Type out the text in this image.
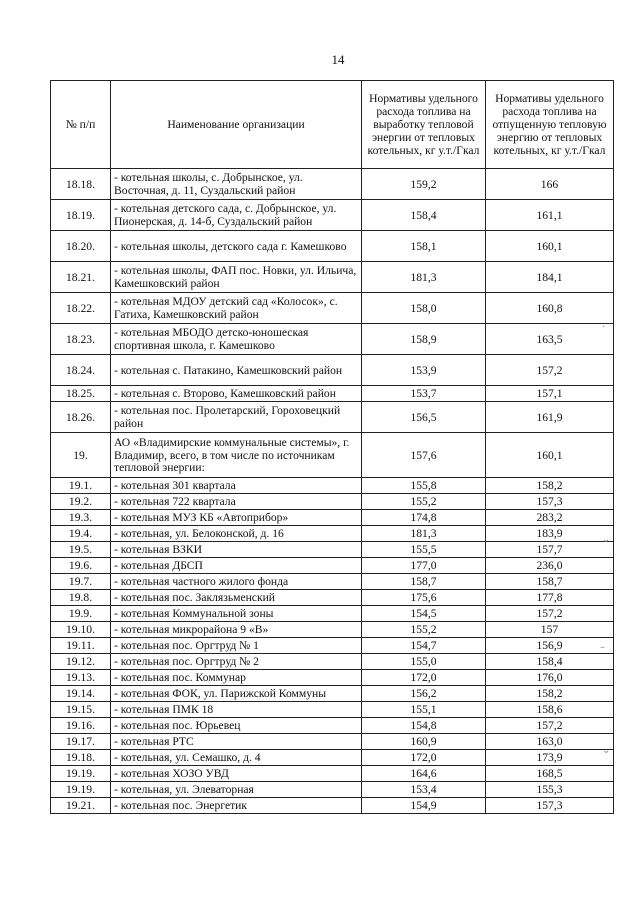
14
№ п/п	Наименование организации	Нормативы удельного расхода топлива на выработку тепловой энергии от тепловых котельных, кг у.т./Гкал	Нормативы удельного расхода топлива на отпущенную тепловую энергию от тепловых котельных, кг у.т./Гкал
18.18.	- котельная школы, с. Добрынское, ул. Восточная, д. 11, Суздальский район	159,2	166
18.19.	- котельная детского сада, с. Добрынское, ул. Пионерская, д. 14-б, Суздальский район	158,4	161,1
18.20.	- котельная школы, детского сада г. Камешково	158,1	160,1
18.21.	- котельная школы, ФАП пос. Новки, ул. Ильича, Камешковский район	181,3	184,1
18.22.	- котельная МДОУ детский сад «Колосок», с. Гатиха, Камешковский район	158,0	160,8
18.23.	- котельная МБОДО детско-юношеская спортивная школа, г. Камешково	158,9	163,5
18.24.	- котельная с. Патакино, Камешковский район	153,9	157,2
18.25.	- котельная с. Второво, Камешковский район	153,7	157,1
18.26.	- котельная пос. Пролетарский, Гороховецкий район	156,5	161,9
19.	АО «Владимирские коммунальные системы», г. Владимир, всего, в том числе по источникам тепловой энергии:	157,6	160,1
19.1.	- котельная 301 квартала	155,8	158,2
19.2.	- котельная 722 квартала	155,2	157,3
19.3.	- котельная МУЗ КБ «Автоприбор»	174,8	283,2
19.4.	- котельная, ул. Белоконской, д. 16	181,3	183,9
19.5.	- котельная ВЗКИ	155,5	157,7
19.6.	- котельная ДБСП	177,0	236,0
19.7.	- котельная частного жилого фонда	158,7	158,7
19.8.	- котельная пос. Заклязьменский	175,6	177,8
19.9.	- котельная Коммунальной зоны	154,5	157,2
19.10.	- котельная микрорайона 9 «В»	155,2	157
19.11.	- котельная пос. Оргтруд № 1	154,7	156,9
19.12.	- котельная пос. Оргтруд № 2	155,0	158,4
19.13.	- котельная пос. Коммунар	172,0	176,0
19.14.	- котельная ФОК, ул. Парижской Коммуны	156,2	158,2
19.15.	- котельная ПМК 18	155,1	158,6
19.16.	- котельная пос. Юрьевец	154,8	157,2
19.17.	- котельная РТС	160,9	163,0
19.18.	- котельная, ул. Семашко, д. 4	172,0	173,9
19.19.	- котельная ХОЗО УВД	164,6	168,5
19.19.	- котельная, ул. Элеваторная	153,4	155,3
19.21.	- котельная пос. Энергетик	154,9	157,3
·
⌄
–
⌄
